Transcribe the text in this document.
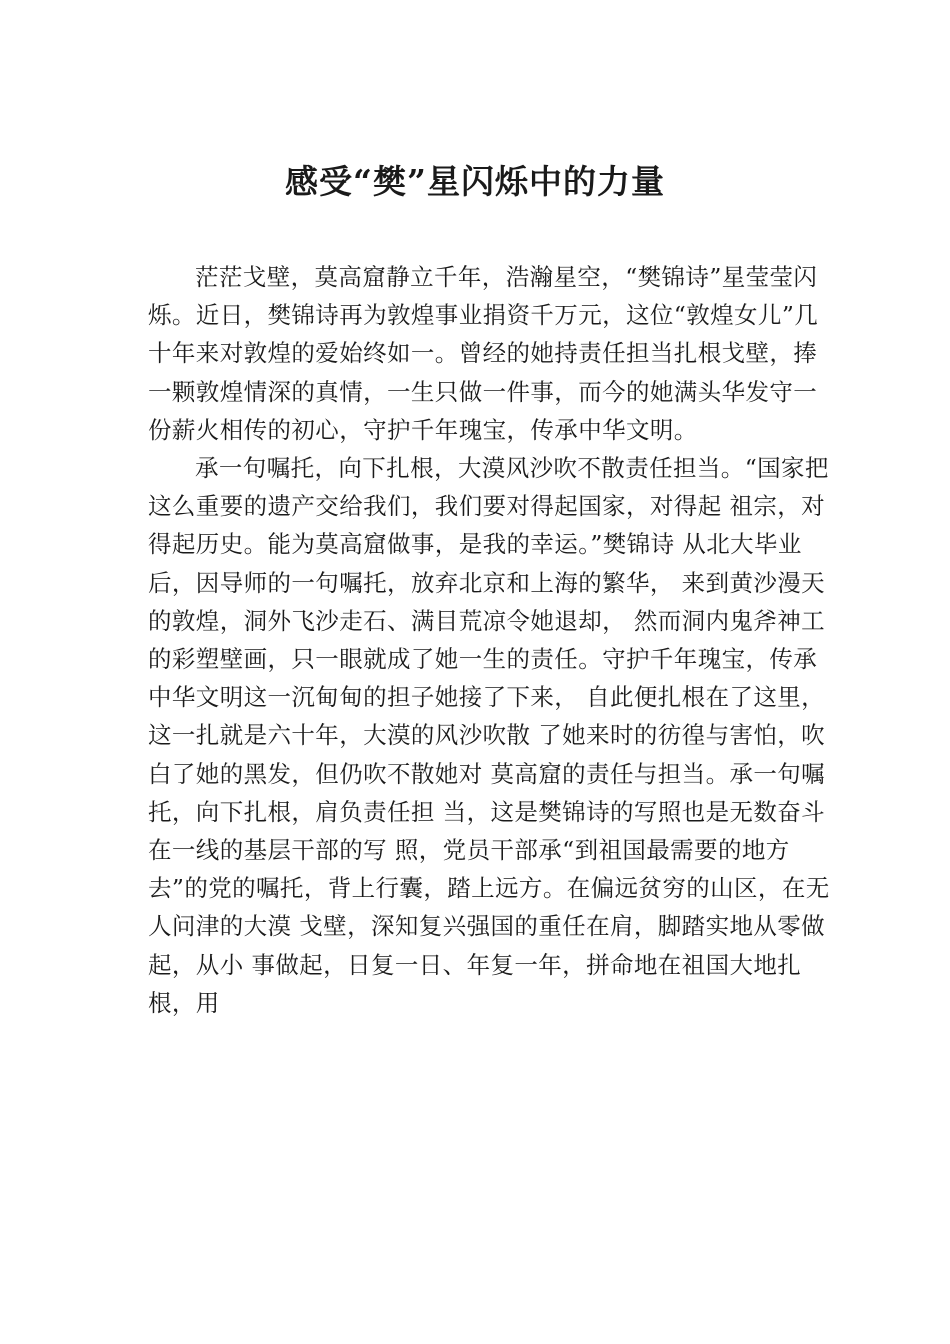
感受“樊”星闪烁中的力量

茫茫戈壁，莫高窟静立千年，浩瀚星空，“樊锦诗”星莹莹闪烁。近日，樊锦诗再为敦煌事业捐资千万元，这位“敦煌女儿”几十年来对敦煌的爱始终如一。曾经的她持责任担当扎根戈壁，捧一颗敦煌情深的真情，一生只做一件事，而今的她满头华发守一份薪火相传的初心，守护千年瑰宝，传承中华文明。

承一句嘱托，向下扎根，大漠风沙吹不散责任担当。“国家把这么重要的遗产交给我们，我们要对得起国家，对得起 祖宗，对得起历史。能为莫高窟做事，是我的幸运。”樊锦诗 从北大毕业后，因导师的一句嘱托，放弃北京和上海的繁华， 来到黄沙漫天的敦煌，洞外飞沙走石、满目荒凉令她退却， 然而洞内鬼斧神工的彩塑壁画，只一眼就成了她一生的责任。守护千年瑰宝，传承中华文明这一沉甸甸的担子她接了下来， 自此便扎根在了这里，这一扎就是六十年，大漠的风沙吹散 了她来时的彷徨与害怕，吹白了她的黑发，但仍吹不散她对 莫高窟的责任与担当。承一句嘱托，向下扎根，肩负责任担 当，这是樊锦诗的写照也是无数奋斗在一线的基层干部的写 照，党员干部承“到祖国最需要的地方去”的党的嘱托，背上行囊，踏上远方。在偏远贫穷的山区，在无人问津的大漠 戈壁，深知复兴强国的重任在肩，脚踏实地从零做起，从小 事做起，日复一日、年复一年，拼命地在祖国大地扎根，用
